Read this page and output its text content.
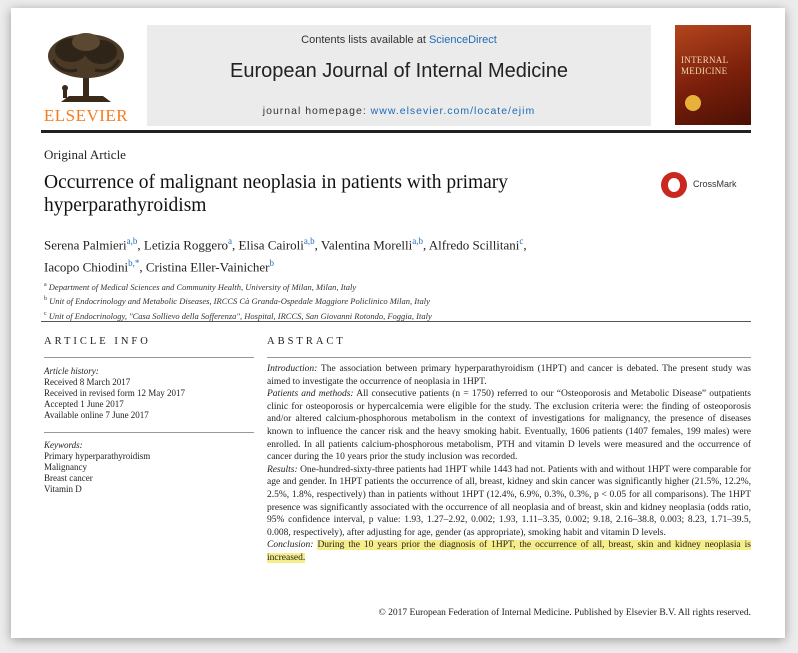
ELSEVIER
Contents lists available at ScienceDirect
European Journal of Internal Medicine
journal homepage: www.elsevier.com/locate/ejim
INTERNAL
MEDICINE
Original Article
Occurrence of malignant neoplasia in patients with primary hyperparathyroidism
CrossMark
Serena Palmieri$^{a,b}$, Letizia Roggero$^a$, Elisa Cairoli$^{a,b}$, Valentina Morelli$^{a,b}$, Alfredo Scillitani$^c$,
Iacopo Chiodini$^{b,*}$, Cristina Eller-Vainicher$^b$
$^a$ Department of Medical Sciences and Community Health, University of Milan, Milan, Italy
$^b$ Unit of Endocrinology and Metabolic Diseases, IRCCS Cà Granda-Ospedale Maggiore Policlinico Milan, Italy
$^c$ Unit of Endocrinology, "Casa Sollievo della Sofferenza", Hospital, IRCCS, San Giovanni Rotondo, Foggia, Italy
ARTICLE INFO
Article history:
Received 8 March 2017
Received in revised form 12 May 2017
Accepted 1 June 2017
Available online 7 June 2017
Keywords:
Primary hyperparathyroidism
Malignancy
Breast cancer
Vitamin D
ABSTRACT

Introduction: The association between primary hyperparathyroidism (1HPT) and cancer is debated. The present study was aimed to investigate the occurrence of neoplasia in 1HPT.

Patients and methods: All consecutive patients (n = 1750) referred to our “Osteoporosis and Metabolic Disease” outpatients clinic for osteoporosis or hypercalcemia were eligible for the study. The exclusion criteria were: the finding of osteoporosis and/or altered calcium-phosphorous metabolism in the context of investigations for malignancy, the presence of diseases known to influence the cancer risk and the heavy smoking habit. Eventually, 1606 patients (1407 females, 199 males) were enrolled. In all patients calcium-phosphorous metabolism, PTH and vitamin D levels were measured and the occurrence of cancer during the 10 years prior the study inclusion was recorded.

Results: One-hundred-sixty-three patients had 1HPT while 1443 had not. Patients with and without 1HPT were comparable for age and gender. In 1HPT patients the occurrence of all, breast, kidney and skin cancer was significantly higher (21.5%, 12.2%, 2.5%, 1.8%, respectively) than in patients without 1HPT (12.4%, 6.9%, 0.3%, 0.3%, p < 0.05 for all comparisons). The 1HPT presence was significantly associated with the occurrence of all neoplasia and of breast, skin and kidney neoplasia (odds ratio, 95% confidence interval, p value: 1.93, 1.27–2.92, 0.002; 1.93, 1.11–3.35, 0.002; 9.18, 2.16–38.8, 0.003; 8.23, 1.71–39.5, 0.008, respectively), after adjusting for age, gender (as appropriate), smoking habit and vitamin D levels.

Conclusion: During the 10 years prior the diagnosis of 1HPT, the occurrence of all, breast, skin and kidney neoplasia is increased.

© 2017 European Federation of Internal Medicine. Published by Elsevier B.V. All rights reserved.
